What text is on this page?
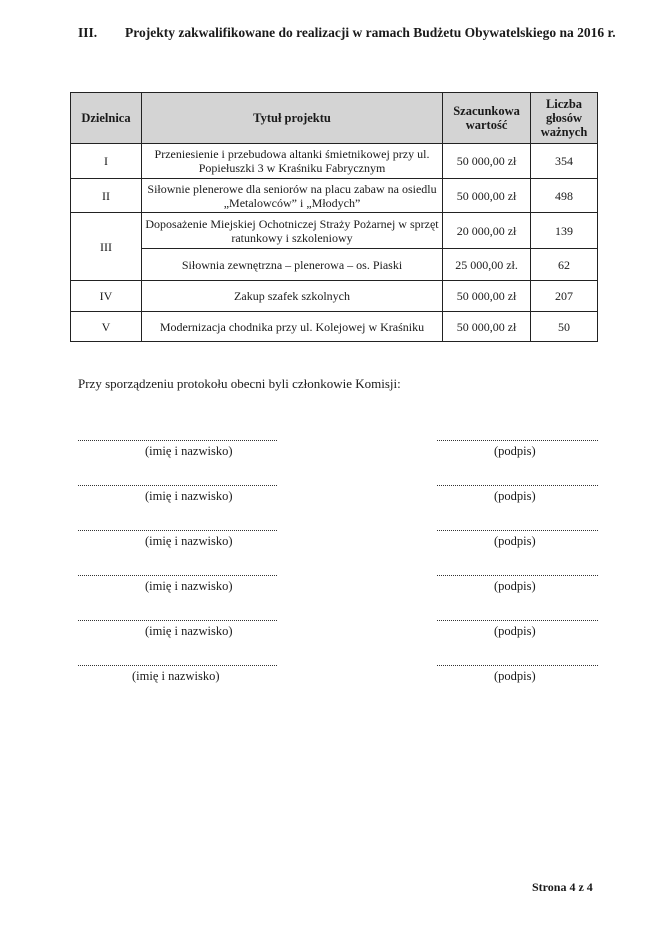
III. Projekty zakwalifikowane do realizacji w ramach Budżetu Obywatelskiego na 2016 r.
Dzielnica	Tytuł projektu	Szacunkowa wartość	Liczba głosów ważnych
I	Przeniesienie i przebudowa altanki śmietnikowej przy ul. Popiełuszki 3 w Kraśniku Fabrycznym	50 000,00 zł	354
II	Siłownie plenerowe dla seniorów na placu zabaw na osiedlu „Metalowców” i „Młodych”	50 000,00 zł	498
III	Doposażenie Miejskiej Ochotniczej Straży Pożarnej w sprzęt ratunkowy i szkoleniowy	20 000,00 zł	139
	Siłownia zewnętrzna – plenerowa – os. Piaski	25 000,00 zł.	62
IV	Zakup szafek szkolnych	50 000,00 zł	207
V	Modernizacja chodnika przy ul. Kolejowej w Kraśniku	50 000,00 zł	50
Przy sporządzeniu protokołu obecni byli członkowie Komisji:
(imię i nazwisko)	(podpis)
(imię i nazwisko)	(podpis)
(imię i nazwisko)	(podpis)
(imię i nazwisko)	(podpis)
(imię i nazwisko)	(podpis)
(imię i nazwisko)	(podpis)
Strona 4 z 4
